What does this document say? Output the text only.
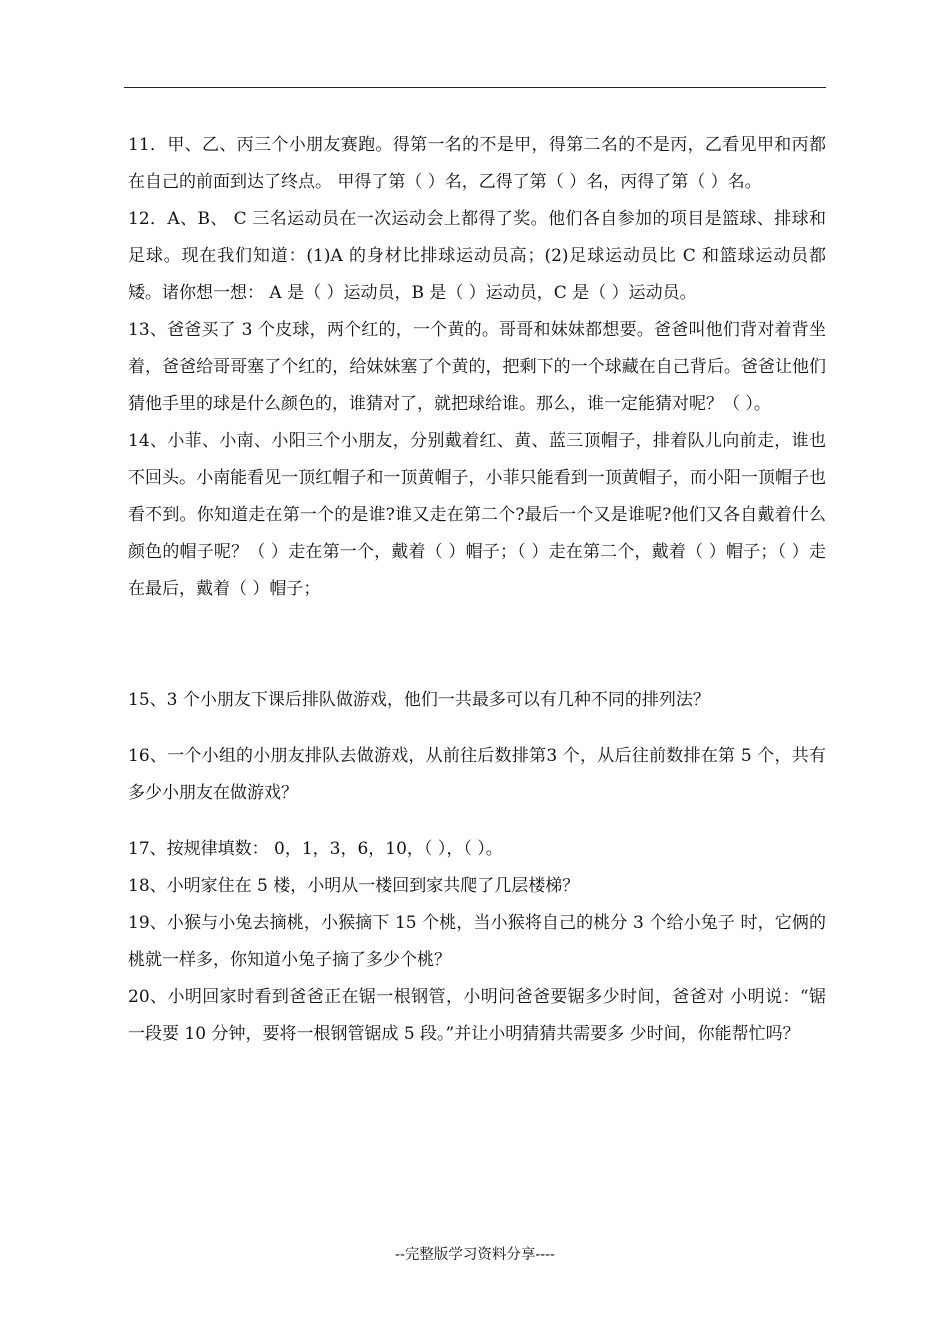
11．甲、乙、丙三个小朋友赛跑。得第一名的不是甲，得第二名的不是丙，乙看见甲和丙都在自己的前面到达了终点。 甲得了第（ ）名，乙得了第（ ）名，丙得了第（ ）名。

12．A、B、 C 三名运动员在一次运动会上都得了奖。他们各自参加的项目是篮球、排球和足球。现在我们知道：(1)A 的身材比排球运动员高；(2)足球运动员比 C 和篮球运动员都矮。诸你想一想： A 是（ ）运动员，B 是（ ）运动员，C 是（ ）运动员。

13、爸爸买了 3 个皮球，两个红的，一个黄的。哥哥和妹妹都想要。爸爸叫他们背对着背坐着，爸爸给哥哥塞了个红的，给妹妹塞了个黄的，把剩下的一个球藏在自己背后。爸爸让他们猜他手里的球是什么颜色的，谁猜对了，就把球给谁。那么，谁一定能猜对呢？（ ）。

14、小菲、小南、小阳三个小朋友，分别戴着红、黄、蓝三顶帽子，排着队儿向前走，谁也不回头。小南能看见一顶红帽子和一顶黄帽子，小菲只能看到一顶黄帽子，而小阳一顶帽子也看不到。你知道走在第一个的是谁?谁又走在第二个?最后一个又是谁呢?他们又各自戴着什么颜色的帽子呢？（ ）走在第一个，戴着（ ）帽子；（ ）走在第二个，戴着（ ）帽子；（ ）走在最后，戴着（ ）帽子；

15、3 个小朋友下课后排队做游戏，他们一共最多可以有几种不同的排列法？

16、一个小组的小朋友排队去做游戏，从前往后数排第3 个，从后往前数排在第 5 个，共有多少小朋友在做游戏？

17、按规律填数： 0，1，3，6，10，（ ），（ ）。

18、小明家住在 5 楼，小明从一楼回到家共爬了几层楼梯？

19、小猴与小兔去摘桃，小猴摘下 15 个桃，当小猴将自己的桃分 3 个给小兔子 时，它俩的桃就一样多，你知道小兔子摘了多少个桃？

20、小明回家时看到爸爸正在锯一根钢管，小明问爸爸要锯多少时间，爸爸对 小明说：“锯一段要 10 分钟，要将一根钢管锯成 5 段。”并让小明猜猜共需要多 少时间，你能帮忙吗？

--完整版学习资料分享----
